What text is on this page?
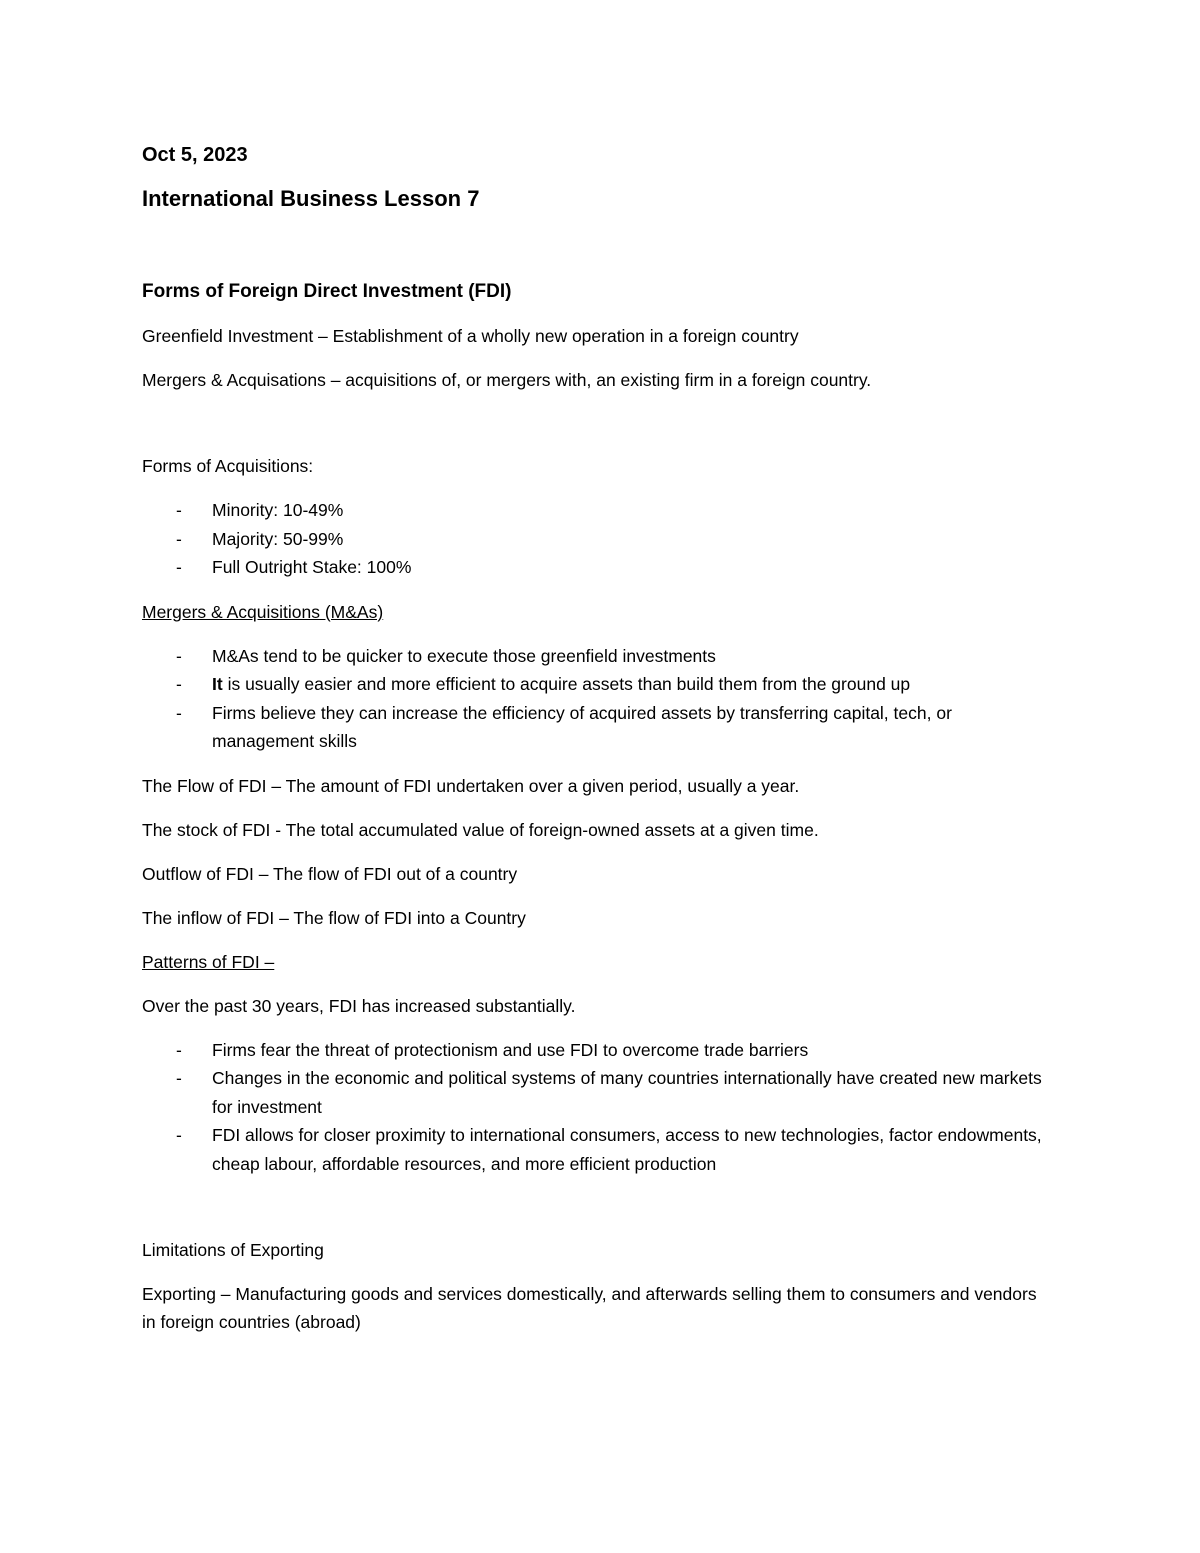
Oct 5, 2023

International Business Lesson 7

Forms of Foreign Direct Investment (FDI)

Greenfield Investment – Establishment of a wholly new operation in a foreign country

Mergers & Acquisations – acquisitions of, or mergers with, an existing firm in a foreign country.

Forms of Acquisitions:

- Minority: 10-49%
- Majority: 50-99%
- Full Outright Stake: 100%

Mergers & Acquisitions (M&As)

- M&As tend to be quicker to execute those greenfield investments
- It is usually easier and more efficient to acquire assets than build them from the ground up
- Firms believe they can increase the efficiency of acquired assets by transferring capital, tech, or management skills

The Flow of FDI – The amount of FDI undertaken over a given period, usually a year.

The stock of FDI - The total accumulated value of foreign-owned assets at a given time.

Outflow of FDI – The flow of FDI out of a country

The inflow of FDI – The flow of FDI into a Country

Patterns of FDI –

Over the past 30 years, FDI has increased substantially.

- Firms fear the threat of protectionism and use FDI to overcome trade barriers
- Changes in the economic and political systems of many countries internationally have created new markets for investment
- FDI allows for closer proximity to international consumers, access to new technologies, factor endowments, cheap labour, affordable resources, and more efficient production

Limitations of Exporting

Exporting – Manufacturing goods and services domestically, and afterwards selling them to consumers and vendors in foreign countries (abroad)
